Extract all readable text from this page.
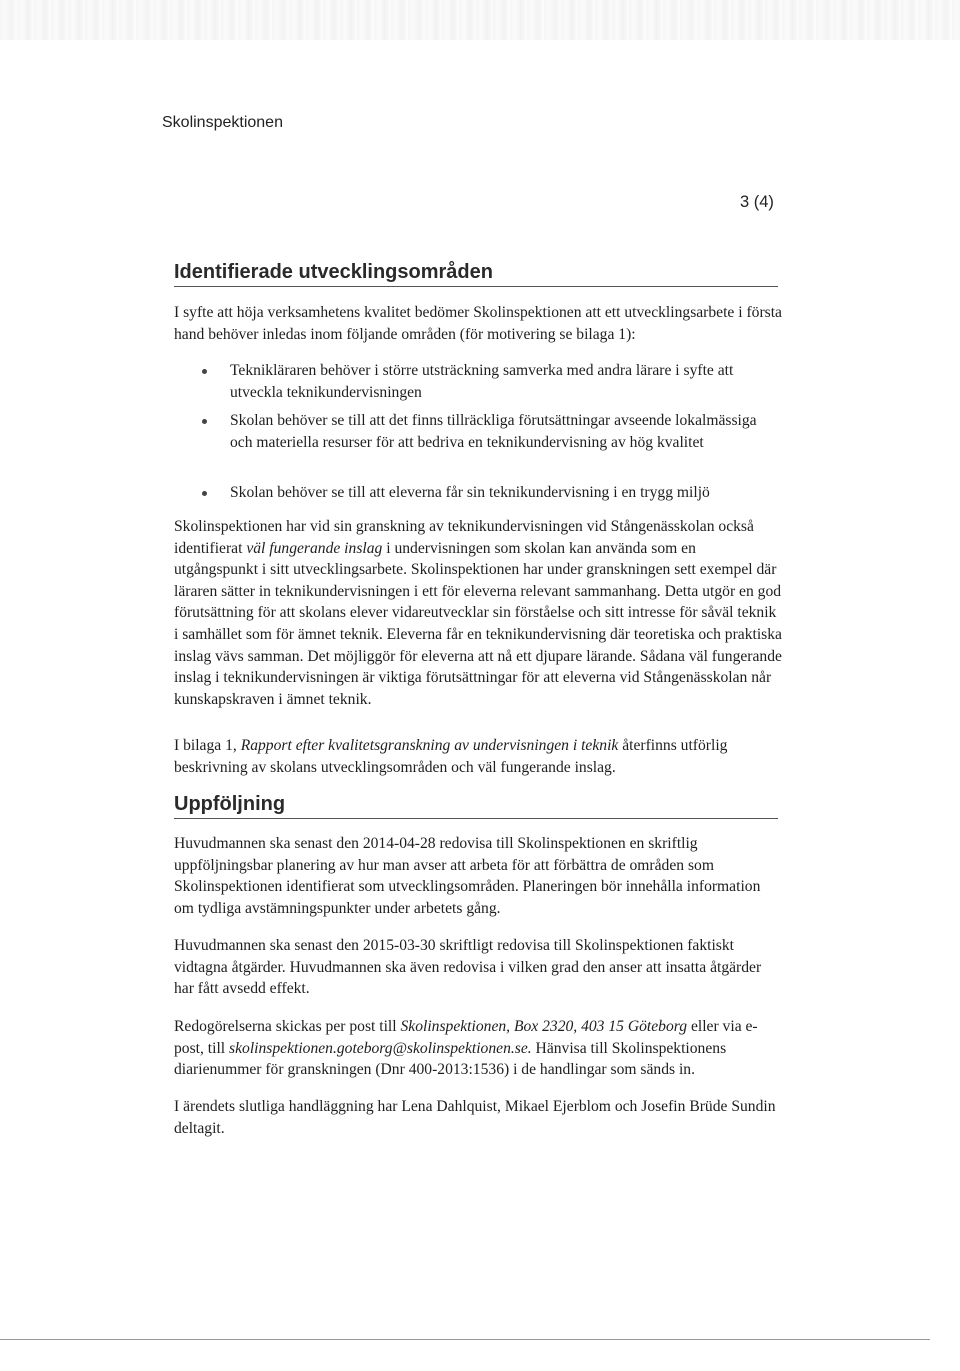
Skolinspektionen
3 (4)
Identifierade utvecklingsområden

I syfte att höja verksamhetens kvalitet bedömer Skolinspektionen att ett utvecklingsarbete i första hand behöver inledas inom följande områden (för motivering se bilaga 1):

Teknikläraren behöver i större utsträckning samverka med andra lärare i syfte att utveckla teknikundervisningen
Skolan behöver se till att det finns tillräckliga förutsättningar avseende lokalmässiga och materiella resurser för att bedriva en teknikundervisning av hög kvalitet
Skolan behöver se till att eleverna får sin teknikundervisning i en trygg miljö

Skolinspektionen har vid sin granskning av teknikundervisningen vid Stångenässkolan också identifierat väl fungerande inslag i undervisningen som skolan kan använda som en utgångspunkt i sitt utvecklingsarbete. Skolinspektionen har under granskningen sett exempel där läraren sätter in teknikundervisningen i ett för eleverna relevant sammanhang. Detta utgör en god förutsättning för att skolans elever vidareutvecklar sin förståelse och sitt intresse för såväl teknik i samhället som för ämnet teknik. Eleverna får en teknikundervisning där teoretiska och praktiska inslag vävs samman. Det möjliggör för eleverna att nå ett djupare lärande. Sådana väl fungerande inslag i teknikundervisningen är viktiga förutsättningar för att eleverna vid Stångenässkolan når kunskapskraven i ämnet teknik.

I bilaga 1, Rapport efter kvalitetsgranskning av undervisningen i teknik återfinns utförlig beskrivning av skolans utvecklingsområden och väl fungerande inslag.

Uppföljning

Huvudmannen ska senast den 2014-04-28 redovisa till Skolinspektionen en skriftlig uppföljningsbar planering av hur man avser att arbeta för att förbättra de områden som Skolinspektionen identifierat som utvecklingsområden. Planeringen bör innehålla information om tydliga avstämningspunkter under arbetets gång.

Huvudmannen ska senast den 2015-03-30 skriftligt redovisa till Skolinspektionen faktiskt vidtagna åtgärder. Huvudmannen ska även redovisa i vilken grad den anser att insatta åtgärder har fått avsedd effekt.

Redogörelserna skickas per post till Skolinspektionen, Box 2320, 403 15 Göteborg eller via e-post, till skolinspektionen.goteborg@skolinspektionen.se. Hänvisa till Skolinspektionens diarienummer för granskningen (Dnr 400-2013:1536) i de handlingar som sänds in.

I ärendets slutliga handläggning har Lena Dahlquist, Mikael Ejerblom och Josefin Brüde Sundin deltagit.
